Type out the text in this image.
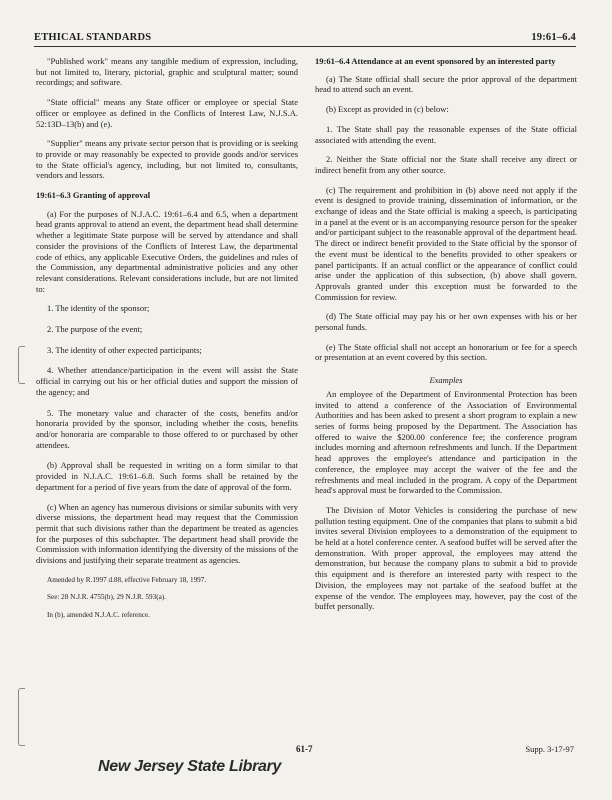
ETHICAL STANDARDS	19:61–6.4

"Published work" means any tangible medium of expression, including, but not limited to, literary, pictorial, graphic and sculptural matter; sound recordings; and software.

"State official" means any State officer or employee or special State officer or employee as defined in the Conflicts of Interest Law, N.J.S.A. 52:13D–13(b) and (e).

"Supplier" means any private sector person that is providing or is seeking to provide or may reasonably be expected to provide goods and/or services to the State official's agency, including, but not limited to, consultants, vendors and lessors.

19:61–6.3 Granting of approval

(a) For the purposes of N.J.A.C. 19:61–6.4 and 6.5, when a department head grants approval to attend an event, the department head shall determine whether a legitimate State purpose will be served by attendance and shall consider the provisions of the Conflicts of Interest Law, the departmental code of ethics, any applicable Executive Orders, the guidelines and rules of the Commission, any departmental administrative policies and any other relevant considerations. Relevant considerations include, but are not limited to:

1. The identity of the sponsor;
2. The purpose of the event;
3. The identity of other expected participants;
4. Whether attendance/participation in the event will assist the State official in carrying out his or her official duties and support the mission of the agency; and
5. The monetary value and character of the costs, benefits and/or honoraria provided by the sponsor, including whether the costs, benefits and/or honoraria are comparable to those offered to or purchased by other attendees.

(b) Approval shall be requested in writing on a form similar to that provided in N.J.A.C. 19:61–6.8. Such forms shall be retained by the department for a period of five years from the date of approval of the form.

(c) When an agency has numerous divisions or similar subunits with very diverse missions, the department head may request that the Commission permit that such divisions rather than the department be treated as agencies for the purposes of this subchapter. The department head shall provide the Commission with information identifying the diversity of the missions of the divisions and justifying their separate treatment as agencies.

Amended by R.1997 d.88, effective February 18, 1997.

See: 28 N.J.R. 4755(b), 29 N.J.R. 593(a).

In (b), amended N.J.A.C. reference.

19:61–6.4 Attendance at an event sponsored by an interested party

(a) The State official shall secure the prior approval of the department head to attend such an event.

(b) Except as provided in (c) below:

1. The State shall pay the reasonable expenses of the State official associated with attending the event.

2. Neither the State official nor the State shall receive any direct or indirect benefit from any other source.

(c) The requirement and prohibition in (b) above need not apply if the event is designed to provide training, dissemination of information, or the exchange of ideas and the State official is making a speech, is participating in a panel at the event or is an accompanying resource person for the speaker and/or participant subject to the reasonable approval of the department head. The direct or indirect benefit provided to the State official by the sponsor of the event must be identical to the benefits provided to other speakers or panel participants. If an actual conflict or the appearance of conflict could arise under the application of this subsection, (b) above shall govern. Approvals granted under this exception must be forwarded to the Commission for review.

(d) The State official may pay his or her own expenses with his or her personal funds.

(e) The State official shall not accept an honorarium or fee for a speech or presentation at an event covered by this section.

Examples

An employee of the Department of Environmental Protection has been invited to attend a conference of the Association of Environmental Authorities and has been asked to present a short program to explain a new series of forms being proposed by the Department. The Association has offered to waive the $200.00 conference fee; the conference program includes morning and afternoon refreshments and lunch. If the Department head approves the employee's attendance and participation in the conference, the employee may accept the waiver of the fee and the refreshments and meal included in the program. A copy of the Department head's approval must be forwarded to the Commission.

The Division of Motor Vehicles is considering the purchase of new pollution testing equipment. One of the companies that plans to submit a bid invites several Division employees to a demonstration of the equipment to be held at a hotel conference center. A seafood buffet will be served after the demonstration. With proper approval, the employees may attend the demonstration, but because the company plans to submit a bid to provide this equipment and is therefore an interested party with respect to the Division, the employees may not partake of the seafood buffet at the expense of the vendor. The employees may, however, pay the cost of the buffet personally.

61-7	Supp. 3-17-97
New Jersey State Library
